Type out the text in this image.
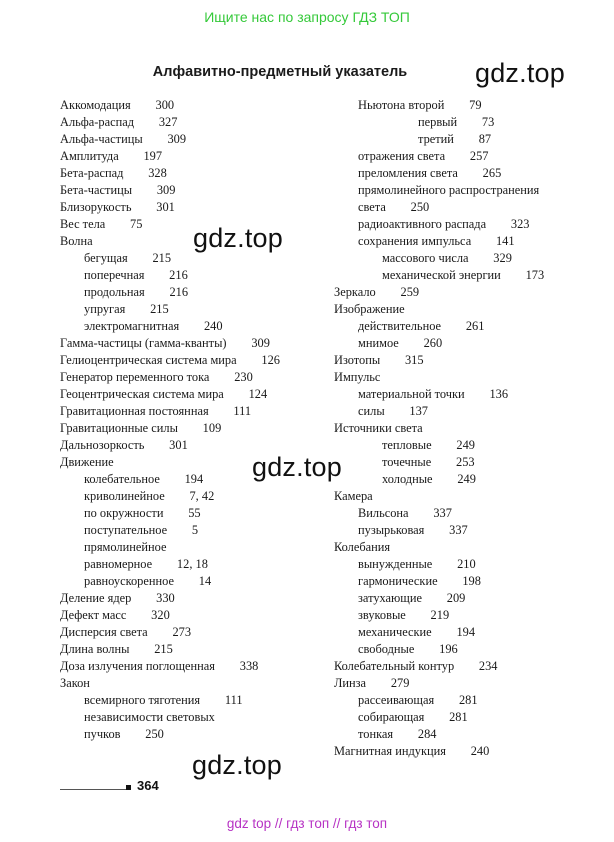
Ищите нас по запросу ГДЗ ТОП
Алфавитно-предметный указатель	gdz.top
gdz.top
gdz.top
gdz.top
Аккомодация  300
Альфа-распад  327
Альфа-частицы  309
Амплитуда  197
Бета-распад  328
Бета-частицы  309
Близорукость  301
Вес тела  75
Волна
бегущая  215
поперечная  216
продольная  216
упругая  215
электромагнитная  240
Гамма-частицы (гамма-кванты)  309
Гелиоцентрическая система мира  126
Генератор переменного тока  230
Геоцентрическая система мира  124
Гравитационная постоянная  111
Гравитационные силы  109
Дальнозоркость  301
Движение
колебательное  194
криволинейное  7, 42
по окружности  55
поступательное  5
прямолинейное
равномерное  12, 18
равноускоренное  14
Деление ядер  330
Дефект масс  320
Дисперсия света  273
Длина волны  215
Доза излучения поглощенная  338
Закон
всемирного тяготения  111
независимости световых
пучков  250
Ньютона второй  79
первый  73
третий  87
отражения света  257
преломления света  265
прямолинейного распространения
света  250
радиоактивного распада  323
сохранения импульса  141
массового числа  329
механической энергии  173
Зеркало  259
Изображение
действительное  261
мнимое  260
Изотопы  315
Импульс
материальной точки  136
силы  137
Источники света
тепловые  249
точечные  253
холодные  249
Камера
Вильсона  337
пузырьковая  337
Колебания
вынужденные  210
гармонические  198
затухающие  209
звуковые  219
механические  194
свободные  196
Колебательный контур  234
Линза  279
рассеивающая  281
собирающая  281
тонкая  284
Магнитная индукция  240
364
gdz top // гдз топ // гдз топ
